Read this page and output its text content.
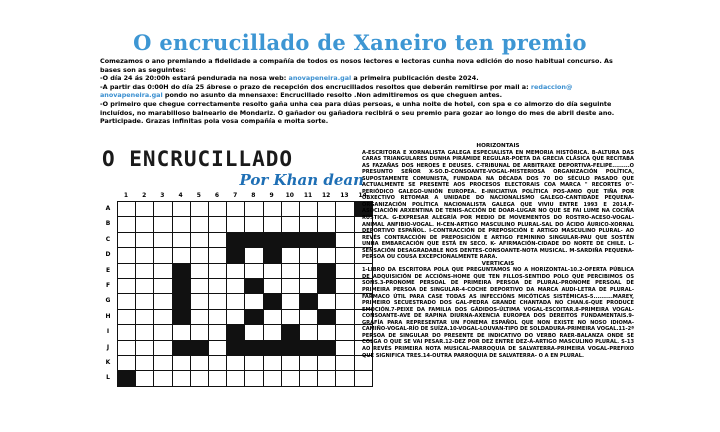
O encrucillado de Xaneiro ten premio

Comezamos o ano premiando a fidelidade a compañía de todos os nosos lectores e lectoras cunha nova edición do noso habitual concurso. As bases son as seguintes:

-O día 24 ás 20:00h estará pendurada na nosa web: anovapeneira.gal a primeira publicación deste 2024.

-A partir das 0:00H do día 25 ábrese o prazo de recepción dos encrucillados resoltos que deberán remitirse por mail a: redaccion@ anovapeneira.gal pondo no asunto da mnensaxe: Encrucillado resolto .Non admitiremos os que cheguen antes.

-O primeiro que chegue correctamente resolto gaña unha cea para dúas persoas, e unha noite de hotel, con spa e co almorzo do día seguinte incluídos, no marabilloso balneario de Mondariz. O gañador ou gañadora recibirá o seu premio para gozar ao longo do mes de abril deste ano.

Participade. Grazas infinitas pola vosa compañía e moita sorte.

O ENCRUCILLADO
Por Khan dean
1	2	3	4	5	6	7	8	9	10	11	12	13	14
A
B
C
D
E
F
G
H
I
J
K
L
HORIZONTAIS

A-ESCRITORA E XORNALISTA GALEGA ESPECIALISTA EN MEMORIA HISTÓRICA. B-ALTURA DAS CARAS TRIANGULARES DUNHA PIRÁMIDE REGULAR-POETA DA GRECIA CLÁSICA QUE RECITABA AS FAZAÑAS DOS HEROES E DEUSES. C-TRIBUNAL DE ARBITRAXE DEPORTIVA-FELIPE.........O PRESUNTO SEÑOR X-SO.D-CONSOANTE-VOGAL-MISTERIOSA ORGANIZACIÓN POLÍTICA, SUPOSTAMENTE COMUNISTA, FUNDADA NA DÉCADA DOS 70 DO SÉCULO PASADO QUE ACTUALMENTE SE PRESENTE AOS PROCESOS ELECTORAIS COA MARCA " RECORTES 0"-PERIÓDICO GALEGO-UNIÓN EUROPEA. E-INICIATIVA POLÍTICA POS-AMIO QUE TIÑA POR OBXECTIVO RETOMAR A UNIDADE DO NACIONALISMO GALEGO-CANTIDADE PEQUENA-ORGANIZACIÓN POLÍTICA NACIONALISTA GALEGA QUE VIVIU ENTRE 1993 E 2014.F-ASOCIACIÓN ARXENTINA DE TENIS-ACCIÓN DE DOAR-LUGAR NO QUE SE FAI LUME NA COCIÑA RÚSTICA. G-EXPRESAR ALEGRÍA POR MEDIO DE MOVEMENTOS DO ROSTRO-ACESO-VOGAL-ANIMAL ANFIBIO-VOGAL. H-CEN-ARTIGO MASCULINO PLURAL-SAL DO ÁCIDO ÁURICO-XORNAL DEPORTIVO ESPAÑOL. I-CONTRACCIÓN DE PREPOSICIÓN E ARTIGO MASCULINO PLURAL- AO REVÉS CONTRACCIÓN DE PREPOSICIÓN E ARTIGO FEMININO SINGULAR-PAU QUE SOSTÉN UNHA EMBARCACIÓN QUE ESTÁ EN SECO. K- AFIRMACIÓN-CIDADE DO NORTE DE CHILE. L-SENSACIÓN DESAGRADABLE NOS DENTES-CONSOANTE-NOTA MUSICAL. M-SARDIÑA PEQUENA-PERSOA OU COUSA EXCEPCIONALMENTE RARA.

VERTICAIS

1-LIBRO DA ESCRITORA POLA QUE PREGUNTAMOS NO A HORIZONTAL-10.2-OFERTA PÚBLICA DE ADQUISICIÓN DE ACCIÓNS-HOME QUE TEN FILLOS-SENTIDO POLO QUE PERCIBIMOS OS SONS.3-PRONOME PERSOAL DE PRIMEIRA PERSOA DE PLURAL-PRONOME PERSOAL DE PRIMEIRA PERSOA DE SINGULAR-4-COCHE DEPORTIVO DA MARCA AUDI-LETRA DE PLURAL-FÁRMACO ÚTIL PARA CASE TODAS AS INFECCIÓNS MICÓTICAS SISTÉMICAS-5..........MAREY, PRIMEIRO SECUESTRADO DOS GAL-PEDRA GRANDE CHANTADA NO CHAN.6-QUE PRODUCE EMOCIÓN.7-PEIXE DA FAMILIA DOS GÁDIDOS-ÚLTIMA VOGAL-ESCOITAR.8-PRIMEIRA VOGAL-CONSOANTE-AVE DE RAPINA DIURNA-AXENCIA EUROPEA DOS DEREITOS FUNDAMENTAIS.9-GRAFÍA PARA REPRESENTAR UN FONEMA ESPAÑOL QUE NON EXISTE NO NOSO IDIOMA-CAMIÑO-VOGAL-RÍO DE SUÍZA.10-VOGAL-LOUVAN-TIPO DE SOLDADURA-PRIMEIRA VOGAL.11-2ª PERSOA DE SINGULAR DO PRESENTE DE INDICATIVO DO VERBO RAER-BALANZA ONDE SE COLGA O QUE SE VAI PESAR.12-DEZ POR DEZ ENTRE DEZ-Á-ARTIGO MASCULINO PLURAL. S-13 AO REVÉS PRIMEIRA NOTA MUSICAL-PARROQUIA DE SALVATERRA-PRIMEIRA VOGAL-PREFIXO QUE SIGNIFICA TRES.14-OUTRA PARROQUIA DE SALVATERRA- O A EN PLURAL.
